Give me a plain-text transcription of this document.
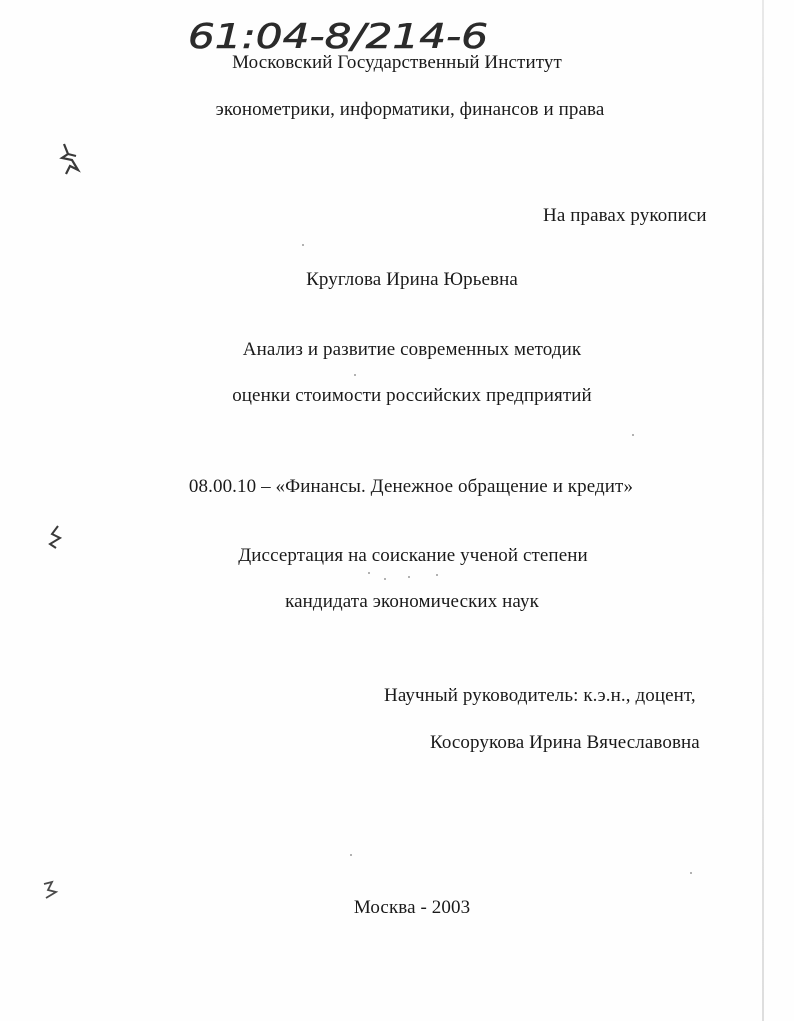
61:04-8/214-6
Московский Государственный Институт
эконометрики, информатики, финансов и права
На правах рукописи
Круглова Ирина Юрьевна
Анализ и развитие современных методик
оценки стоимости российских предприятий
08.00.10 – «Финансы. Денежное обращение и кредит»
Диссертация на соискание ученой степени
кандидата экономических наук
Научный руководитель: к.э.н., доцент,
Косорукова Ирина Вячеславовна
Москва - 2003
